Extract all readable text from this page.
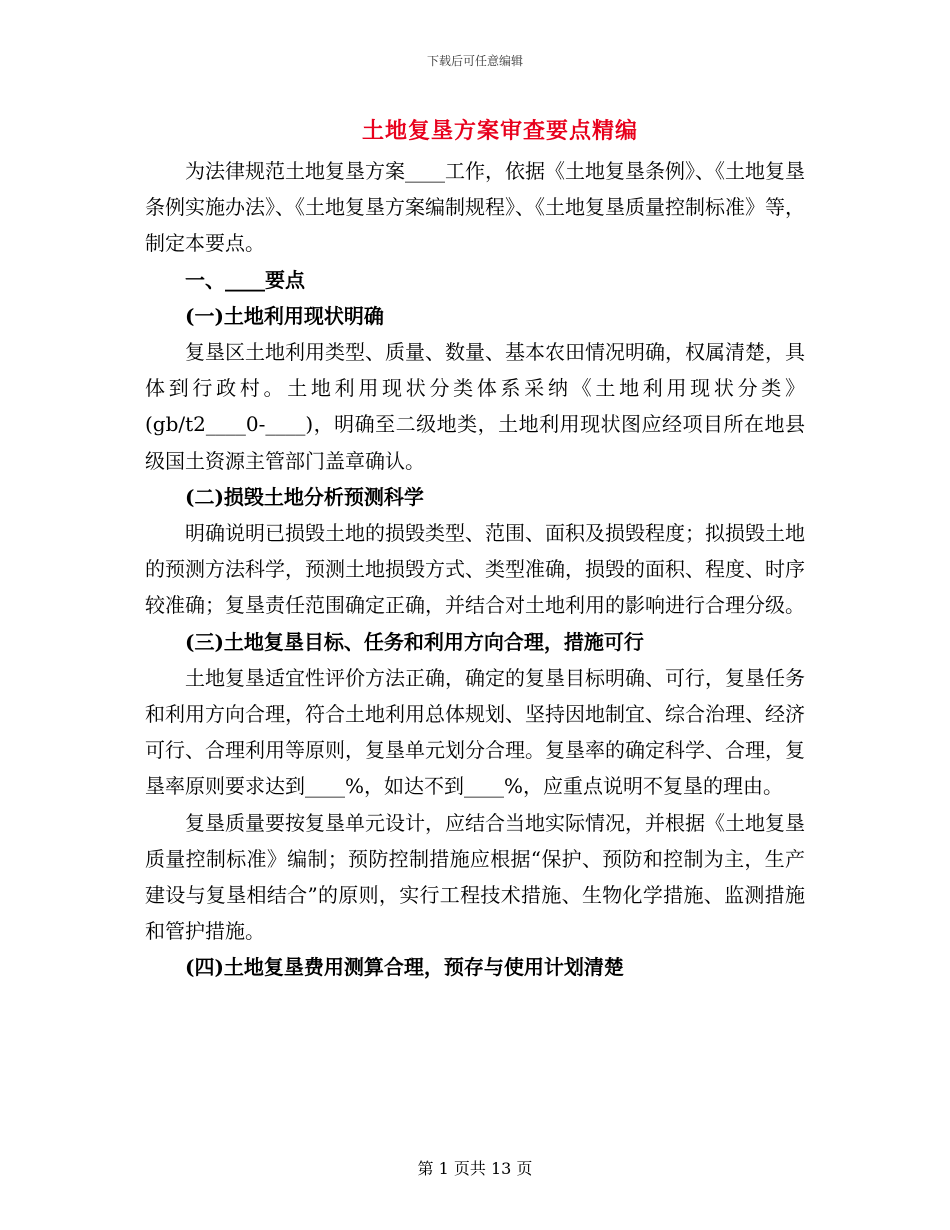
下载后可任意编辑
土地复垦方案审查要点精编

为法律规范土地复垦方案____工作，依据《土地复垦条例》、《土地复垦条例实施办法》、《土地复垦方案编制规程》、《土地复垦质量控制标准》等，制定本要点。

一、____要点

(一)土地利用现状明确

复垦区土地利用类型、质量、数量、基本农田情况明确，权属清楚，具体到行政村。土地利用现状分类体系采纳《土地利用现状分类》(gb/t2____0-____)，明确至二级地类，土地利用现状图应经项目所在地县级国土资源主管部门盖章确认。

(二)损毁土地分析预测科学

明确说明已损毁土地的损毁类型、范围、面积及损毁程度；拟损毁土地的预测方法科学，预测土地损毁方式、类型准确，损毁的面积、程度、时序较准确；复垦责任范围确定正确，并结合对土地利用的影响进行合理分级。

(三)土地复垦目标、任务和利用方向合理，措施可行

土地复垦适宜性评价方法正确，确定的复垦目标明确、可行，复垦任务和利用方向合理，符合土地利用总体规划、坚持因地制宜、综合治理、经济可行、合理利用等原则，复垦单元划分合理。复垦率的确定科学、合理，复垦率原则要求达到____%，如达不到____%，应重点说明不复垦的理由。

复垦质量要按复垦单元设计，应结合当地实际情况，并根据《土地复垦质量控制标准》编制；预防控制措施应根据“保护、预防和控制为主，生产建设与复垦相结合”的原则，实行工程技术措施、生物化学措施、监测措施和管护措施。

(四)土地复垦费用测算合理，预存与使用计划清楚

第 1 页共 13 页
